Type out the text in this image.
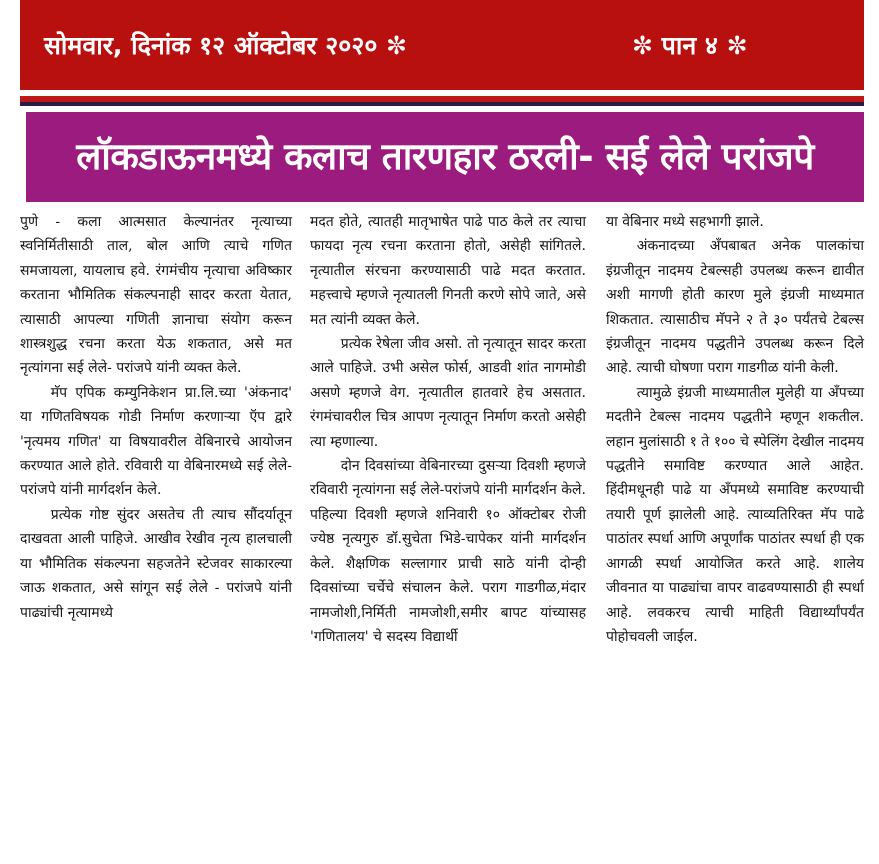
सोमवार, दिनांक १२ ऑक्टोबर २०२० ✼	✼ पान ४ ✼
लॉकडाऊनमध्ये कलाच तारणहार ठरली- सई लेले परांजपे

पुणे - कला आत्मसात केल्यानंतर नृत्याच्या स्वनिर्मितीसाठी ताल, बोल आणि त्याचे गणित समजायला, यायलाच हवे. रंगमंचीय नृत्याचा अविष्कार करताना भौमितिक संकल्पनाही सादर करता येतात, त्यासाठी आपल्या गणिती ज्ञानाचा संयोग करून शास्त्रशुद्ध रचना करता येऊ शकतात, असे मत नृत्यांगना सई लेले- परांजपे यांनी व्यक्त केले.

मॅप एपिक कम्युनिकेशन प्रा.लि.च्या 'अंकनाद' या गणितविषयक गोडी निर्माण करणाऱ्या ऍप द्वारे 'नृत्यमय गणित' या विषयावरील वेबिनारचे आयोजन करण्यात आले होते. रविवारी या वेबिनारमध्ये सई लेले- परांजपे यांनी मार्गदर्शन केले.

प्रत्येक गोष्ट सुंदर असतेच ती त्याच सौंदर्यातून दाखवता आली पाहिजे. आखीव रेखीव नृत्य हालचाली या भौमितिक संकल्पना सहजतेने स्टेजवर साकारल्या जाऊ शकतात, असे सांगून सई लेले - परांजपे यांनी पाढ्यांची नृत्यामध्ये

मदत होते, त्यातही मातृभाषेत पाढे पाठ केले तर त्याचा फायदा नृत्य रचना करताना होतो, असेही सांगितले. नृत्यातील संरचना करण्यासाठी पाढे मदत करतात. महत्त्वाचे म्हणजे नृत्यातली गिनती करणे सोपे जाते, असे मत त्यांनी व्यक्त केले.

प्रत्येक रेषेला जीव असो. तो नृत्यातून सादर करता आले पाहिजे. उभी असेल फोर्स, आडवी शांत नागमोडी असणे म्हणजे वेग. नृत्यातील हातवारे हेच असतात. रंगमंचावरील चित्र आपण नृत्यातून निर्माण करतो असेही त्या म्हणाल्या.

दोन दिवसांच्या वेबिनारच्या दुसऱ्या दिवशी म्हणजे रविवारी नृत्यांगना सई लेले-परांजपे यांनी मार्गदर्शन केले. पहिल्या दिवशी म्हणजे शनिवारी १० ऑक्टोबर रोजी ज्येष्ठ नृत्यगुरु डॉ.सुचेता भिडे-चापेकर यांनी मार्गदर्शन केले. शैक्षणिक सल्लागार प्राची साठे यांनी दोन्ही दिवसांच्या चर्चेचे संचालन केले. पराग गाडगीळ,मंदार नामजोशी,निर्मिती नामजोशी,समीर बापट यांच्यासह 'गणितालय' चे सदस्य विद्यार्थी

या वेबिनार मध्ये सहभागी झाले.

अंकनादच्या अँपबाबत अनेक पालकांचा इंग्रजीतून नादमय टेबल्सही उपलब्ध करून द्यावीत अशी मागणी होती कारण मुले इंग्रजी माध्यमात शिकतात. त्यासाठीच मॅपने २ ते ३० पर्यंतचे टेबल्स इंग्रजीतून नादमय पद्धतीने उपलब्ध करून दिले आहे. त्याची घोषणा पराग गाडगीळ यांनी केली.

त्यामुळे इंग्रजी माध्यमातील मुलेही या अँपच्या मदतीने टेबल्स नादमय पद्धतीने म्हणून शकतील. लहान मुलांसाठी १ ते १०० चे स्पेलिंग देखील नादमय पद्धतीने समाविष्ट करण्यात आले आहेत. हिंदीमधूनही पाढे या अँपमध्ये समाविष्ट करण्याची तयारी पूर्ण झालेली आहे. त्याव्यतिरिक्त मॅप पाढे पाठांतर स्पर्धा आणि अपूर्णांक पाठांतर स्पर्धा ही एक आगळी स्पर्धा आयोजित करते आहे. शालेय जीवनात या पाढ्यांचा वापर वाढवण्यासाठी ही स्पर्धा आहे. लवकरच त्याची माहिती विद्यार्थ्यांपर्यंत पोहोचवली जाईल.
